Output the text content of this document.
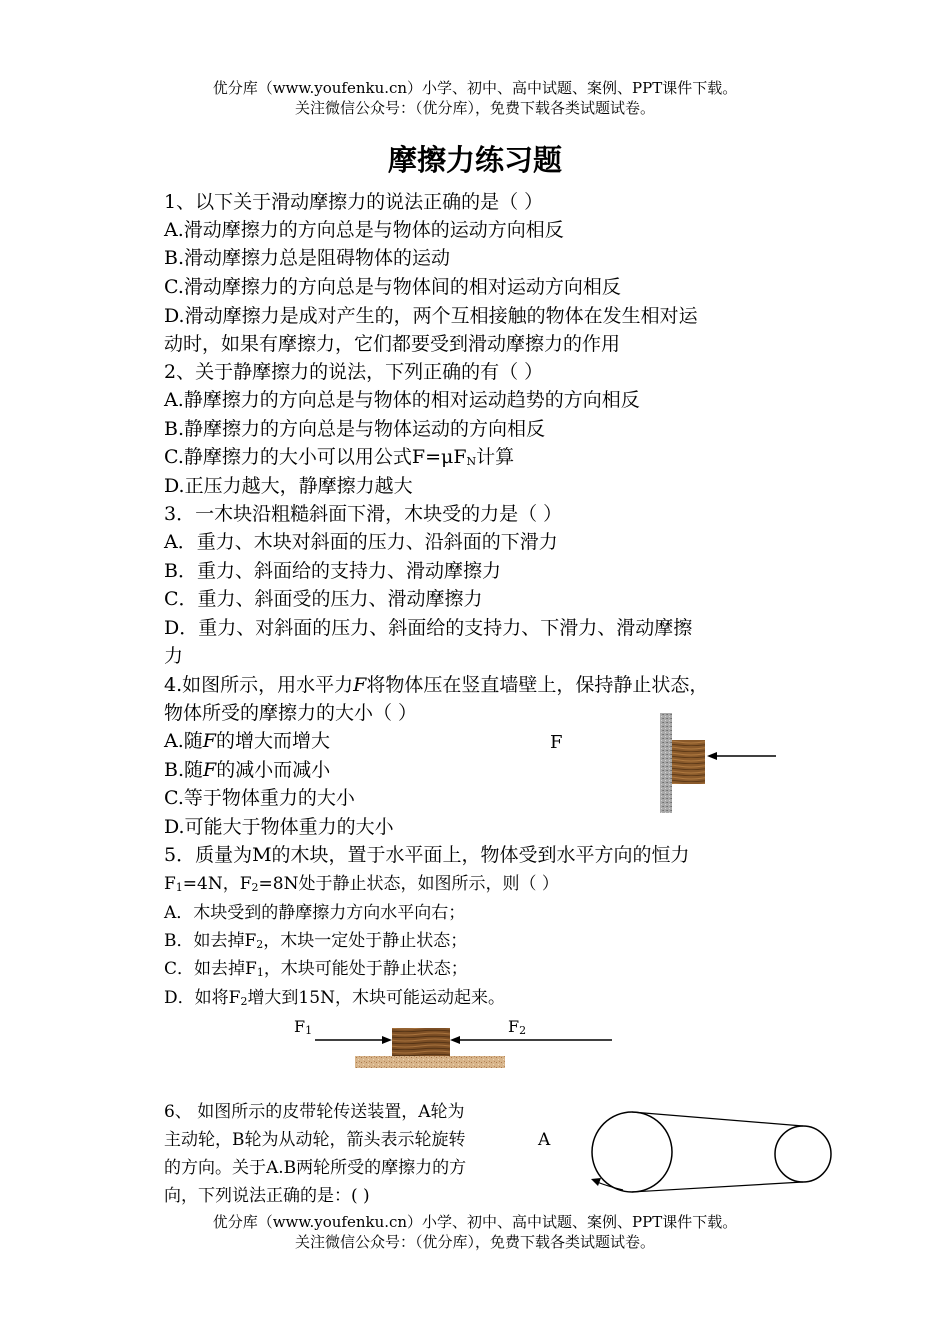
优分库（www.youfenku.cn）小学、初中、高中试题、案例、PPT课件下载。
关注微信公众号：（优分库），免费下载各类试题试卷。
摩擦力练习题
1、以下关于滑动摩擦力的说法正确的是（ ）
A.滑动摩擦力的方向总是与物体的运动方向相反
B.滑动摩擦力总是阻碍物体的运动
C.滑动摩擦力的方向总是与物体间的相对运动方向相反
D.滑动摩擦力是成对产生的，两个互相接触的物体在发生相对运
动时，如果有摩擦力，它们都要受到滑动摩擦力的作用
2、关于静摩擦力的说法，下列正确的有（ ）
A.静摩擦力的方向总是与物体的相对运动趋势的方向相反
B.静摩擦力的方向总是与物体运动的方向相反
C.静摩擦力的大小可以用公式$F=\mu F_N$计算
D.正压力越大，静摩擦力越大
3．一木块沿粗糙斜面下滑，木块受的力是（ ）
A．重力、木块对斜面的压力、沿斜面的下滑力
B．重力、斜面给的支持力、滑动摩擦力
C．重力、斜面受的压力、滑动摩擦力
D．重力、对斜面的压力、斜面给的支持力、下滑力、滑动摩擦
力
4.如图所示，用水平力F将物体压在竖直墙壁上，保持静止状态，
物体所受的摩擦力的大小（ ）
A.随F的增大而增大
B.随F的减小而减小
C.等于物体重力的大小
D.可能大于物体重力的大小
F
5．质量为M的木块，置于水平面上，物体受到水平方向的恒力
$F_1=4N$，$F_2=8N$处于静止状态，如图所示，则（ ）
A．木块受到的静摩擦力方向水平向右；
B．如去掉$F_2$，木块一定处于静止状态；
C．如去掉$F_1$，木块可能处于静止状态；
D．如将$F_2$增大到15N，木块可能运动起来。
$F_1$	$F_2$
6、 如图所示的皮带轮传送装置，A轮为
主动轮，B轮为从动轮，箭头表示轮旋转
的方向。关于A.B两轮所受的摩擦力的方
向，下列说法正确的是：( )
A
优分库（www.youfenku.cn）小学、初中、高中试题、案例、PPT课件下载。
关注微信公众号：（优分库），免费下载各类试题试卷。
